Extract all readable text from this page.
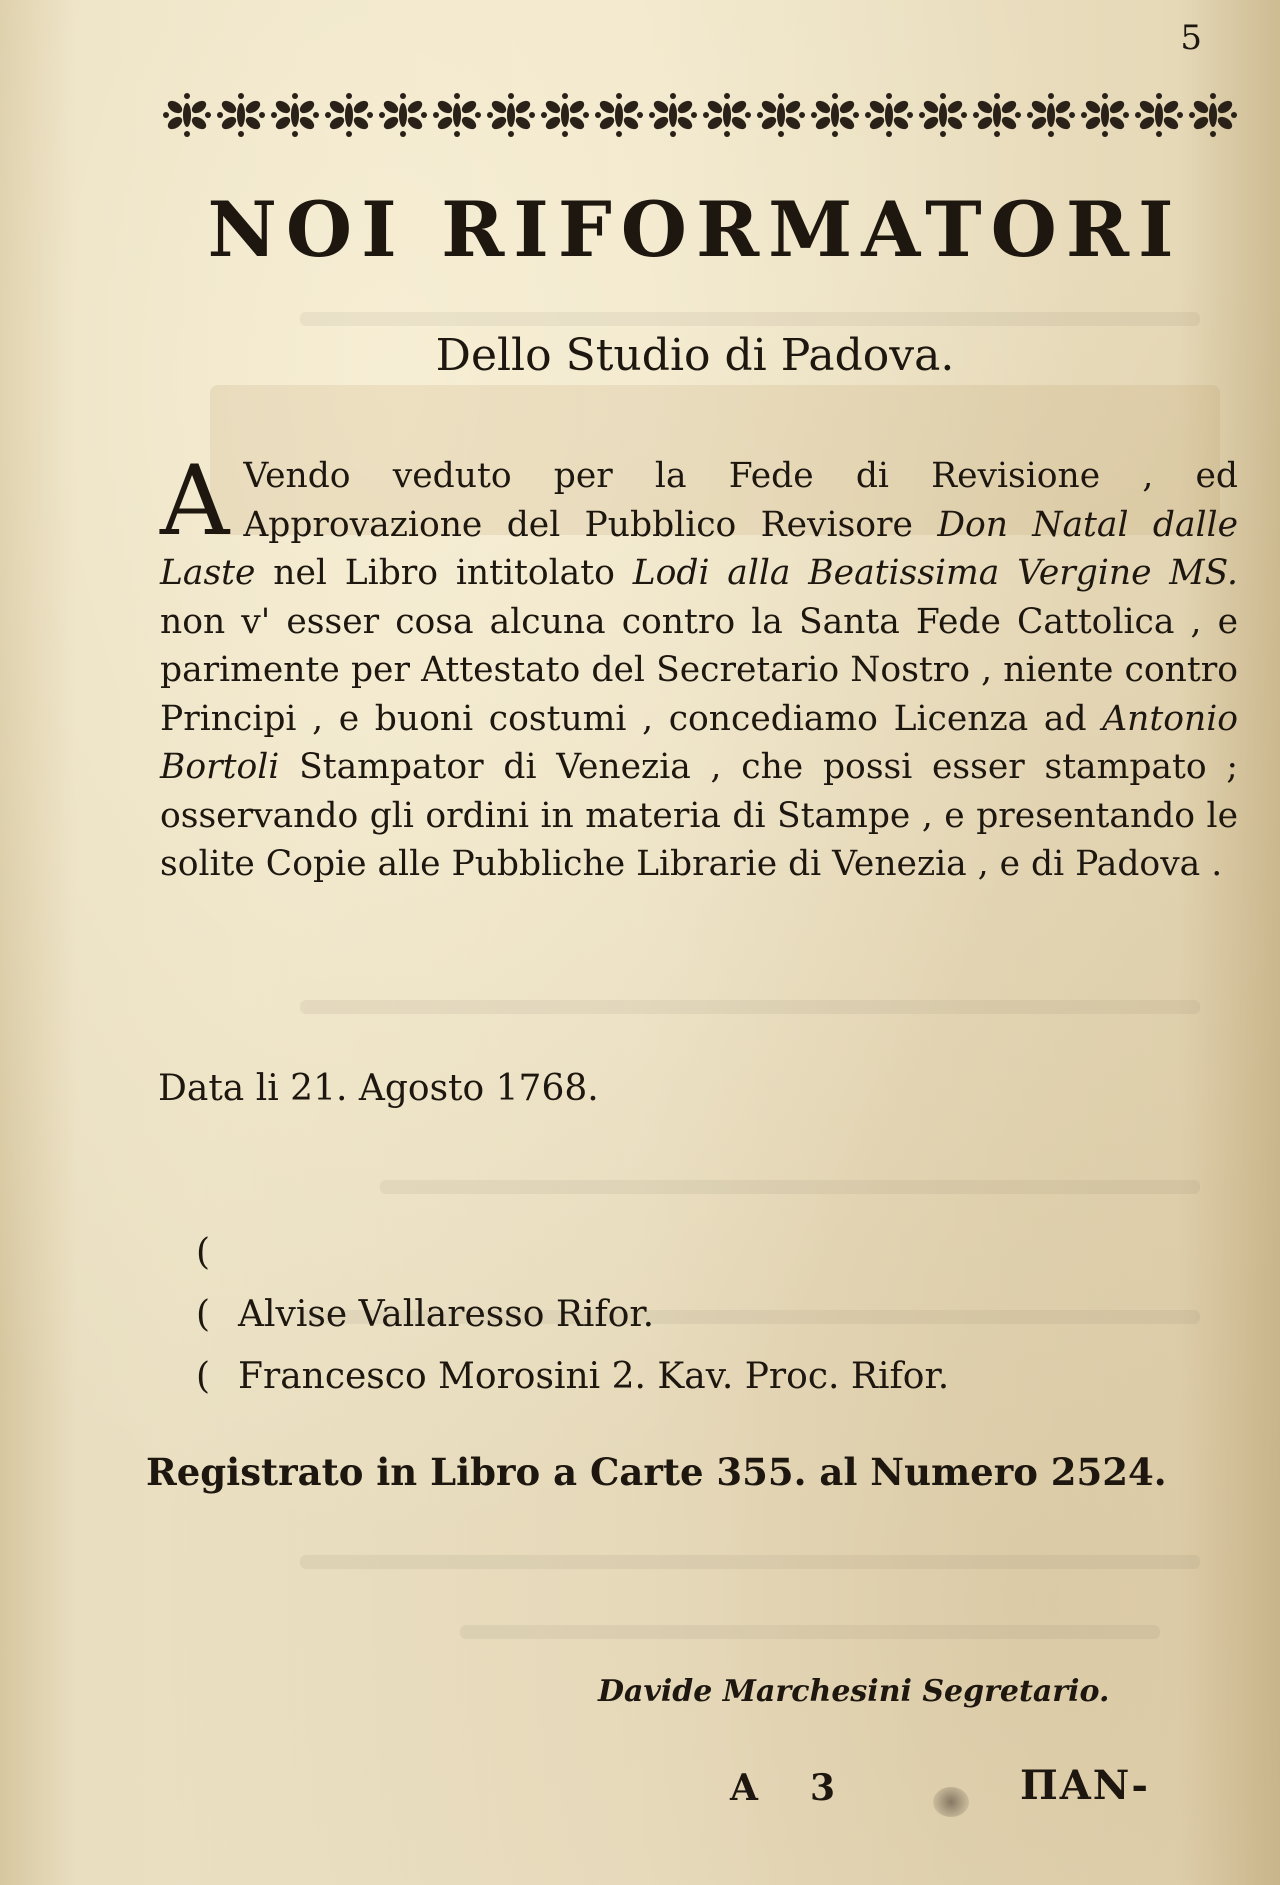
5
NOI RIFORMATORI
Dello Studio di Padova.
A Vendo veduto per la Fede di Revisione , ed Approvazione del Pubblico Revisore Don Natal dalle Laste nel Libro intitolato Lodi alla Beatissima Vergine MS. non v' esser cosa alcuna contro la Santa Fede Cattolica , e parimente per Attestato del Secretario Nostro , niente contro Principi , e buoni costumi , concediamo Licenza ad Antonio Bortoli Stampator di Venezia , che possi esser stampato ; osservando gli ordini in materia di Stampe , e presentando le solite Copie alle Pubbliche Librarie di Venezia , e di Padova .
Data li 21. Agosto 1768.
(
( Alvise Vallaresso Rifor.
( Francesco Morosini 2. Kav. Proc. Rifor.
Registrato in Libro a Carte 355. al Numero 2524.
Davide Marchesini Segretario.
A 3	ΠΑΝ-
